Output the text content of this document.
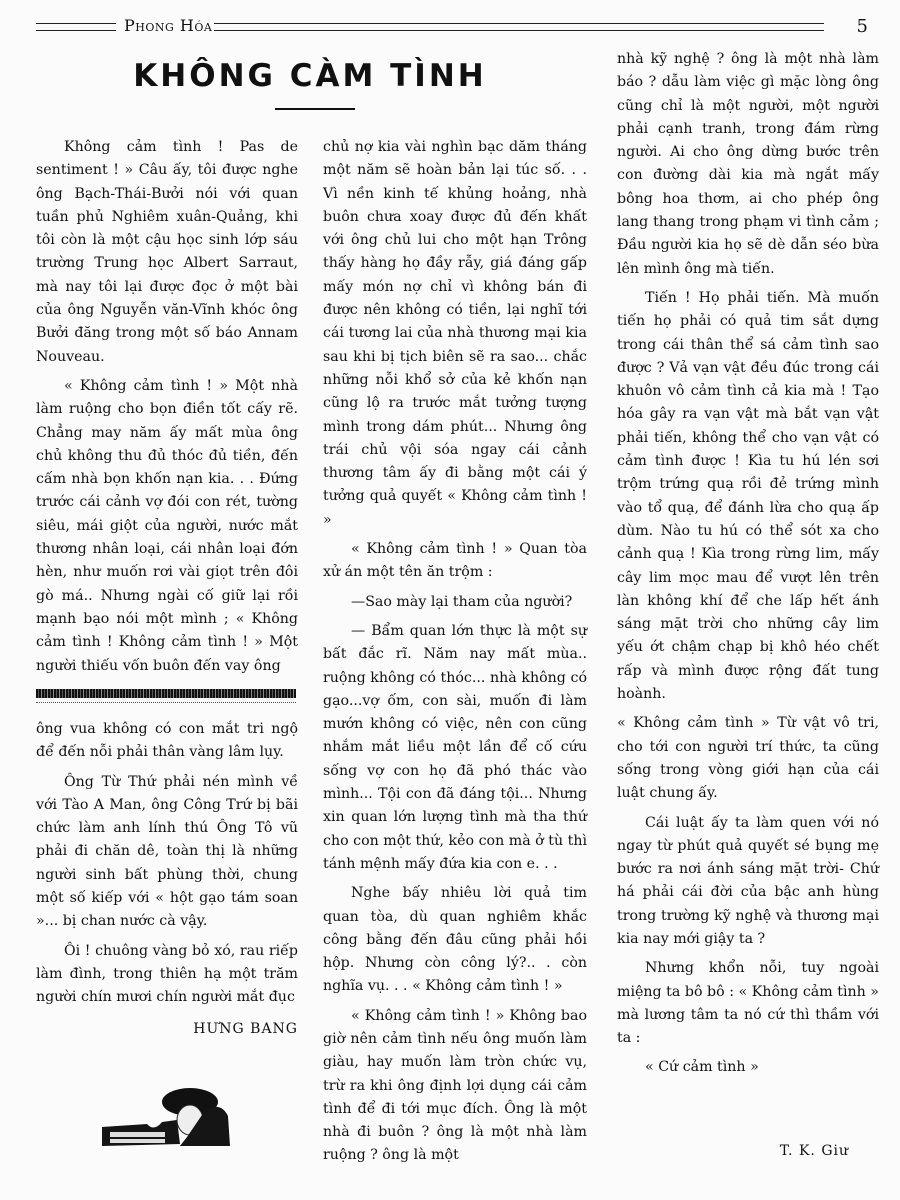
Phong Hóa	5
KHÔNG CÀM TÌNH

Không cảm tình ! Pas de sentiment ! » Câu ấy, tôi được nghe ông Bạch-Thái-Bưởi nói với quan tuần phủ Nghiêm xuân-Quảng, khi tôi còn là một cậu học sinh lớp sáu trường Trung học Albert Sarraut, mà nay tôi lại được đọc ở một bài của ông Nguyễn văn-Vĩnh khóc ông Bưởi đăng trong một số báo Annam Nouveau.

« Không cảm tình ! » Một nhà làm ruộng cho bọn điền tốt cấy rẽ. Chẳng may năm ấy mất mùa ông chủ không thu đủ thóc đủ tiền, đến cấm nhà bọn khốn nạn kia. . . Đứng trước cái cảnh vợ đói con rét, tường siêu, mái giột của người, nước mắt thương nhân loại, cái nhân loại đớn hèn, như muốn rơi vài giọt trên đôi gò má.. Nhưng ngài cố giữ lại rồi mạnh bạo nói một mình ; « Không cảm tình ! Không cảm tình ! » Một người thiếu vốn buôn đến vay ông

ông vua không có con mắt tri ngộ để đến nỗi phải thân vàng lâm lụy.

Ông Từ Thứ phải nén mình về với Tào A Man, ông Công Trứ bị bãi chức làm anh lính thú Ông Tô vũ phải đi chăn dê, toàn thị là những người sinh bất phùng thời, chung một số kiếp với « hột gạo tám soan »... bị chan nước cà vậy.

Ôi ! chuông vàng bỏ xó, rau riếp làm đình, trong thiên hạ một trăm người chín mươi chín người mắt đục

HƯNG BANG

chủ nợ kia vài nghìn bạc dăm tháng một năm sẽ hoàn bản lại túc số. . . Vì nền kinh tế khủng hoảng, nhà buôn chưa xoay được đủ đến khất với ông chủ lui cho một hạn Trông thấy hàng họ đầy rẫy, giá đáng gấp mấy món nợ chỉ vì không bán đi được nên không có tiền, lại nghĩ tới cái tương lai của nhà thương mại kia sau khi bị tịch biên sẽ ra sao... chắc những nỗi khổ sở của kẻ khốn nạn cũng lộ ra trước mắt tưởng tượng mình trong dám phút... Nhưng ông trái chủ vội sóa ngay cái cảnh thương tâm ấy đi bằng một cái ý tưởng quả quyết « Không cảm tình ! »

« Không cảm tình ! » Quan tòa xử án một tên ăn trộm :

—Sao mày lại tham của người?

— Bẩm quan lớn thực là một sự bất đắc rĩ. Năm nay mất mùa.. ruộng không có thóc... nhà không có gạo...vợ ốm, con sài, muốn đi làm mướn không có việc, nên con cũng nhắm mắt liều một lần để cố cứu sống vợ con họ đã phó thác vào mình... Tội con đã đáng tội... Nhưng xin quan lớn lượng tình mà tha thứ cho con một thứ, kẻo con mà ở tù thì tánh mệnh mấy đứa kia con e. . .

Nghe bấy nhiêu lời quả tim quan tòa, dù quan nghiêm khắc công bằng đến đâu cũng phải hồi hộp. Nhưng còn công lý?.. . còn nghĩa vụ. . . « Không cảm tình ! »

« Không cảm tình ! » Không bao giờ nên cảm tình nếu ông muốn làm giàu, hay muốn làm tròn chức vụ, trừ ra khi ông định lợi dụng cái cảm tình để đi tới mục đích. Ông là một nhà đi buôn ? ông là một nhà làm ruộng ? ông là một

nhà kỹ nghệ ? ông là một nhà làm báo ? dẫu làm việc gì mặc lòng ông cũng chỉ là một người, một người phải cạnh tranh, trong đám rừng người. Ai cho ông dừng bước trên con đường dài kia mà ngắt mấy bông hoa thơm, ai cho phép ông lang thang trong phạm vi tình cảm ; Đầu người kia họ sẽ dè dẫn séo bừa lên mình ông mà tiến.

Tiến ! Họ phải tiến. Mà muốn tiến họ phải có quả tim sắt dựng trong cái thân thể sá cảm tình sao được ? Vả vạn vật đều đúc trong cái khuôn vô cảm tình cả kia mà ! Tạo hóa gây ra vạn vật mà bắt vạn vật phải tiến, không thể cho vạn vật có cảm tình được ! Kìa tu hú lén sơi trộm trứng quạ rồi đẻ trứng mình vào tổ quạ, để đánh lừa cho quạ ấp dùm. Nào tu hú có thể sót xa cho cảnh quạ ! Kìa trong rừng lim, mấy cây lim mọc mau để vượt lên trên làn không khí để che lấp hết ánh sáng mặt trời cho những cây lim yếu ớt chậm chạp bị khô héo chết rấp và mình được rộng đất tung hoành.

« Không cảm tình » Từ vật vô tri, cho tới con người trí thức, ta cũng sống trong vòng giới hạn của cái luật chung ấy.

Cái luật ấy ta làm quen với nó ngay từ phút quả quyết sé bụng mẹ bước ra nơi ánh sáng mặt trời- Chứ há phải cái đời của bậc anh hùng trong trường kỹ nghệ và thương mại kia nay mới giậy ta ?

Nhưng khổn nỗi, tuy ngoài miệng ta bô bô : « Không cảm tình » mà lương tâm ta nó cứ thì thầm với ta :

« Cứ cảm tình »

T. K. Giư
